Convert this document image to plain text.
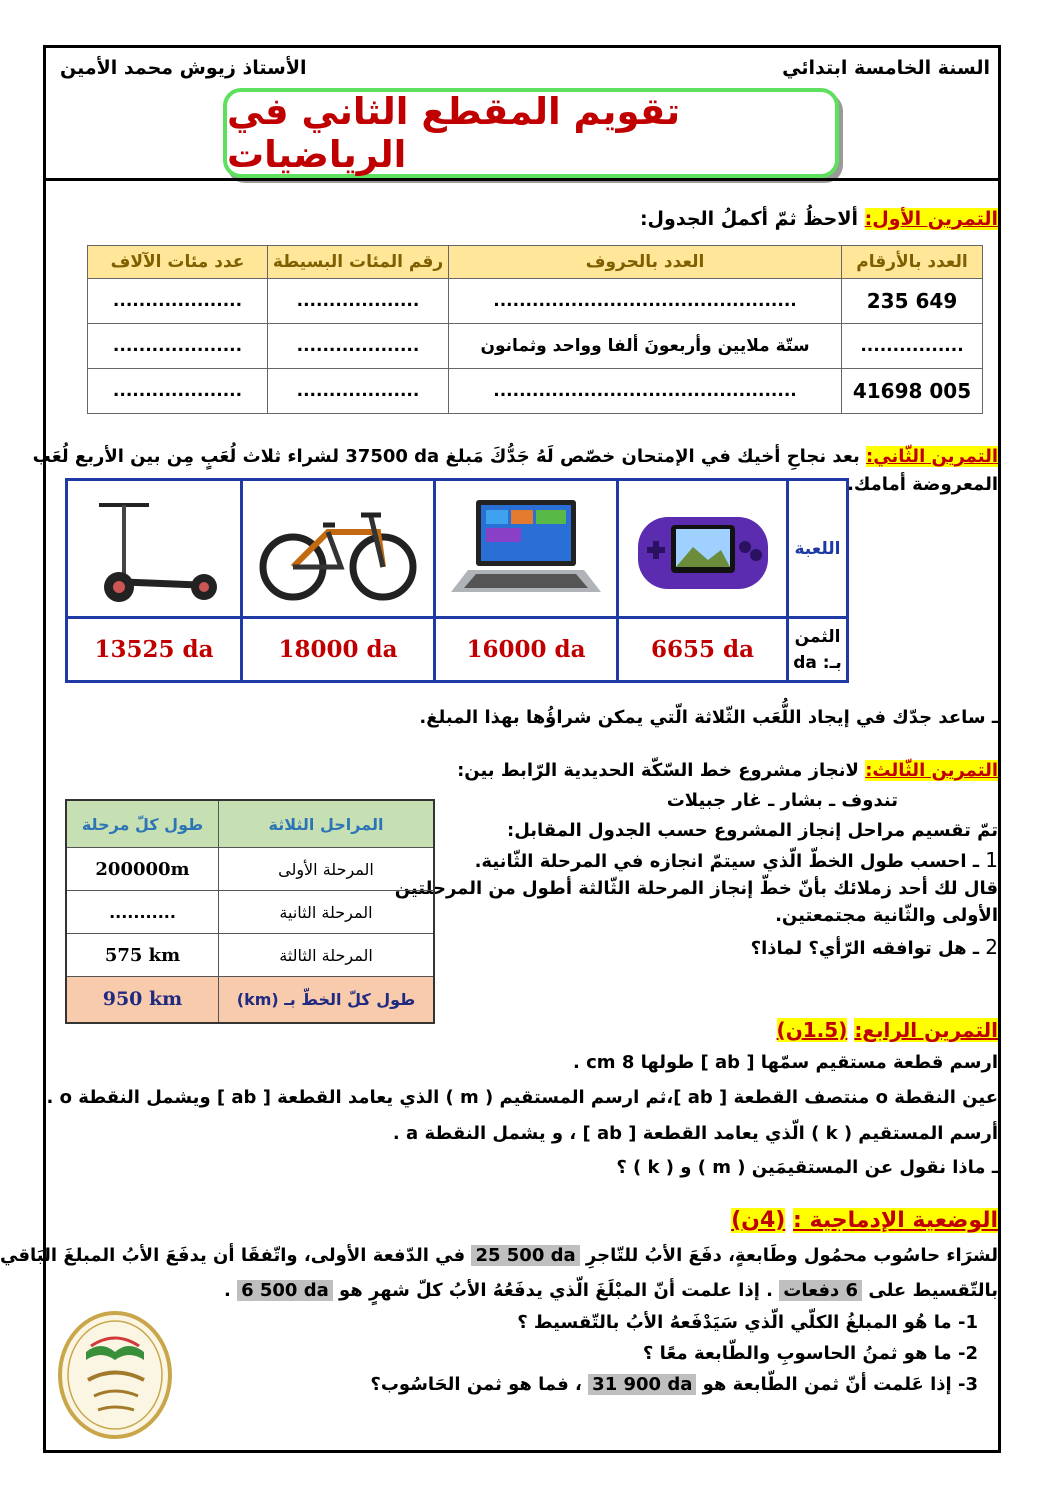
السنة الخامسة ابتدائي
الأستاذ زيوش محمد الأمين
تقويم المقطع الثاني في الرياضيات
التمرين الأول: ألاحظُ ثمّ أكملُ الجدول:
العدد بالأرقام	العدد بالحروف	رقم المئات البسيطة	عدد مئات الآلاف
649 235	...............................................	...................	....................
................	ستّة ملايين وأربعونَ ألفا وواحد وثمانون	...................	....................
41698 005	...............................................	...................	....................
التمرين الثّاني: بعد نجاحِ أخيك في الإمتحان خصّص لَهُ جَدُّكَ مَبلغ 37500 da لشراء ثلاث لُعَبٍ مِن بين الأربع لُعَب
المعروضة أمامك.
				اللعبة
13525 da	18000 da	16000 da	6655 da	الثمن
بـ: da
ـ ساعد جدّك في إيجاد اللُّعَب الثّلاثة الّتي يمكن شراؤُها بهذا المبلغ.
التمرين الثّالث: لانجاز مشروع خط السّكّة الحديدية الرّابط بين:
تندوف ـ بشار ـ غار جبيلات
تمّ تقسيم مراحل إنجاز المشروع حسب الجدول المقابل:
1 ـ احسب طول الخطّ الّذي سيتمّ انجازه في المرحلة الثّانية.
قال لك أحد زملائك بأنّ خطّ إنجاز المرحلة الثّالثة أطول من المرحلتين
الأولى والثّانية مجتمعتين.
2 ـ هل توافقه الرّأي؟ لماذا؟
المراحل الثلاثة	طول كلّ مرحلة
المرحلة الأولى	200000m
المرحلة الثانية	...........
المرحلة الثالثة	575 km
طول كلّ الخطّ بـ (km)	950 km
التمرين الرابع: (1.5ن)
ارسم قطعة مستقيم سمّها [ ab ] طولها 8 cm .
عين النقطة o منتصف القطعة [ ab ]،ثم ارسم المستقيم ( m ) الذي يعامد القطعة [ ab ] ويشمل النقطة o .
أرسم المستقيم ( k ) الّذي يعامد القطعة [ ab ] ، و يشمل النقطة a .
ـ ماذا نقول عن المستقيمَين ( m ) و ( k ) ؟
الوضعية الإدماجية : (4ن)
لشرَاء حاسُوب محمُول وطَابعةٍ، دفَعَ الأبُ للتّاجرِ 25 500 da في الدّفعة الأولى، واتّفقَا أن يدفَعَ الأبُ المبلغَ البَاقي
بالتّقسيط على 6 دفعات . إذا علمت أنّ المبْلَغَ الّذي يدفَعُهُ الأبُ كلّ شهرٍ هو 6 500 da .
1- ما هُو المبلغُ الكلّي الّذي سَيَدْفَعهُ الأبُ بالتّقسيط ؟
2- ما هو ثمنُ الحاسوبِ والطّابعة معًا ؟
3- إذا عَلمت أنّ ثمن الطّابعة هو 31 900 da ، فما هو ثمن الحَاسُوب؟
